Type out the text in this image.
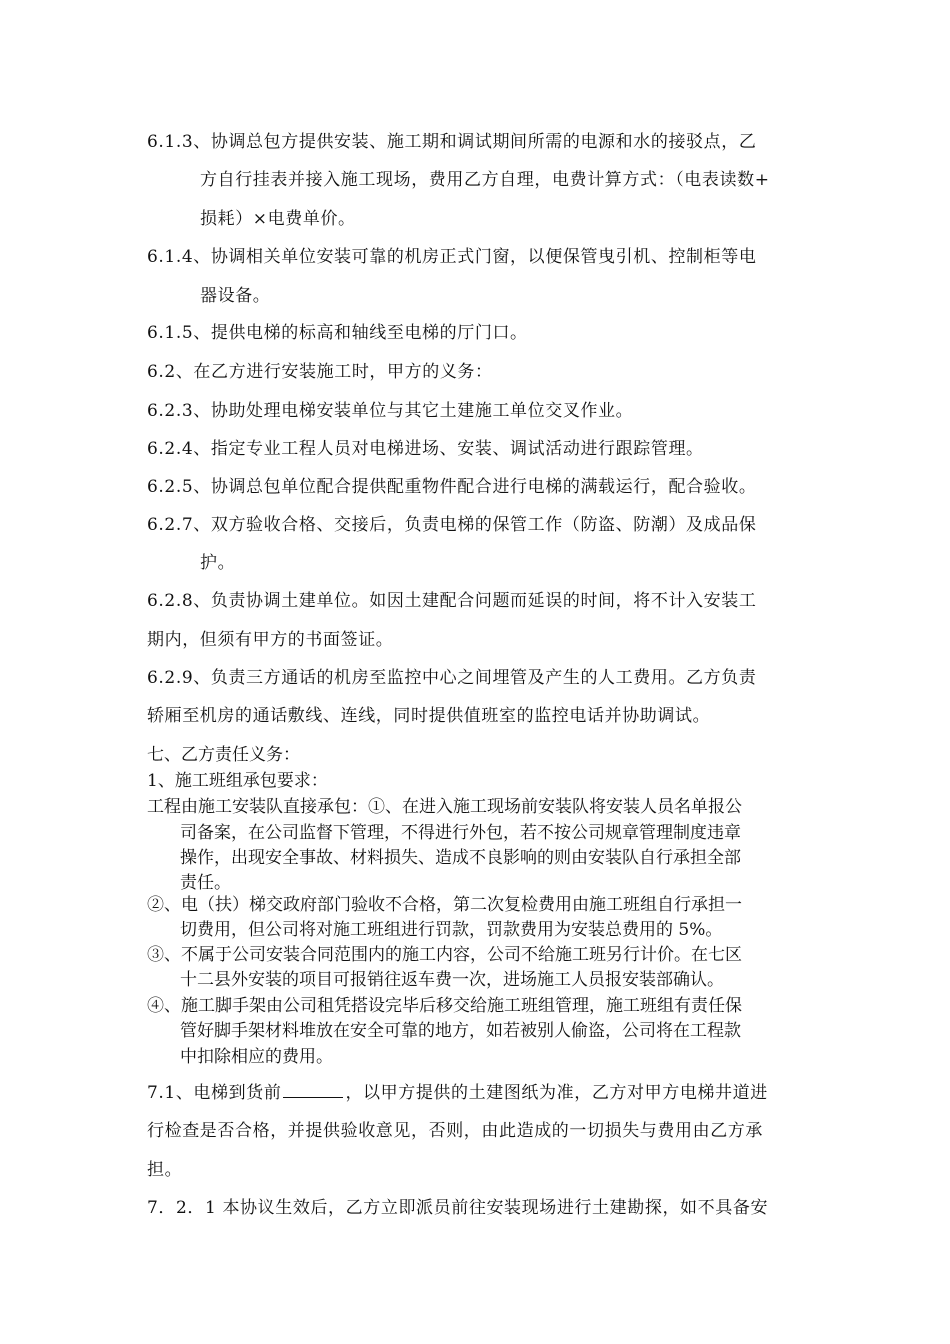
6.1.3、协调总包方提供安装、施工期和调试期间所需的电源和水的接驳点，乙
方自行挂表并接入施工现场，费用乙方自理，电费计算方式：（电表读数+
损耗）×电费单价。
6.1.4、协调相关单位安装可靠的机房正式门窗，以便保管曳引机、控制柜等电
器设备。
6.1.5、提供电梯的标高和轴线至电梯的厅门口。
6.2、在乙方进行安装施工时，甲方的义务：
6.2.3、协助处理电梯安装单位与其它土建施工单位交叉作业。
6.2.4、指定专业工程人员对电梯进场、安装、调试活动进行跟踪管理。
6.2.5、协调总包单位配合提供配重物件配合进行电梯的满载运行，配合验收。
6.2.7、双方验收合格、交接后，负责电梯的保管工作（防盗、防潮）及成品保
护。
6.2.8、负责协调土建单位。如因土建配合问题而延误的时间，将不计入安装工
期内，但须有甲方的书面签证。
6.2.9、负责三方通话的机房至监控中心之间埋管及产生的人工费用。乙方负责
轿厢至机房的通话敷线、连线，同时提供值班室的监控电话并协助调试。
七、乙方责任义务：
1、施工班组承包要求：
工程由施工安装队直接承包：①、在进入施工现场前安装队将安装人员名单报公
司备案，在公司监督下管理，不得进行外包，若不按公司规章管理制度违章
操作，出现安全事故、材料损失、造成不良影响的则由安装队自行承担全部
责任。
②、电（扶）梯交政府部门验收不合格，第二次复检费用由施工班组自行承担一
切费用，但公司将对施工班组进行罚款，罚款费用为安装总费用的 5%。
③、不属于公司安装合同范围内的施工内容，公司不给施工班另行计价。在七区
十二县外安装的项目可报销往返车费一次，进场施工人员报安装部确认。
④、施工脚手架由公司租凭搭设完毕后移交给施工班组管理，施工班组有责任保
管好脚手架材料堆放在安全可靠的地方，如若被别人偷盗，公司将在工程款
中扣除相应的费用。
7.1、电梯到货前	，以甲方提供的土建图纸为准，乙方对甲方电梯井道进
行检查是否合格，并提供验收意见，否则，由此造成的一切损失与费用由乙方承
担。
7．2．1 本协议生效后，乙方立即派员前往安装现场进行土建勘探，如不具备安
